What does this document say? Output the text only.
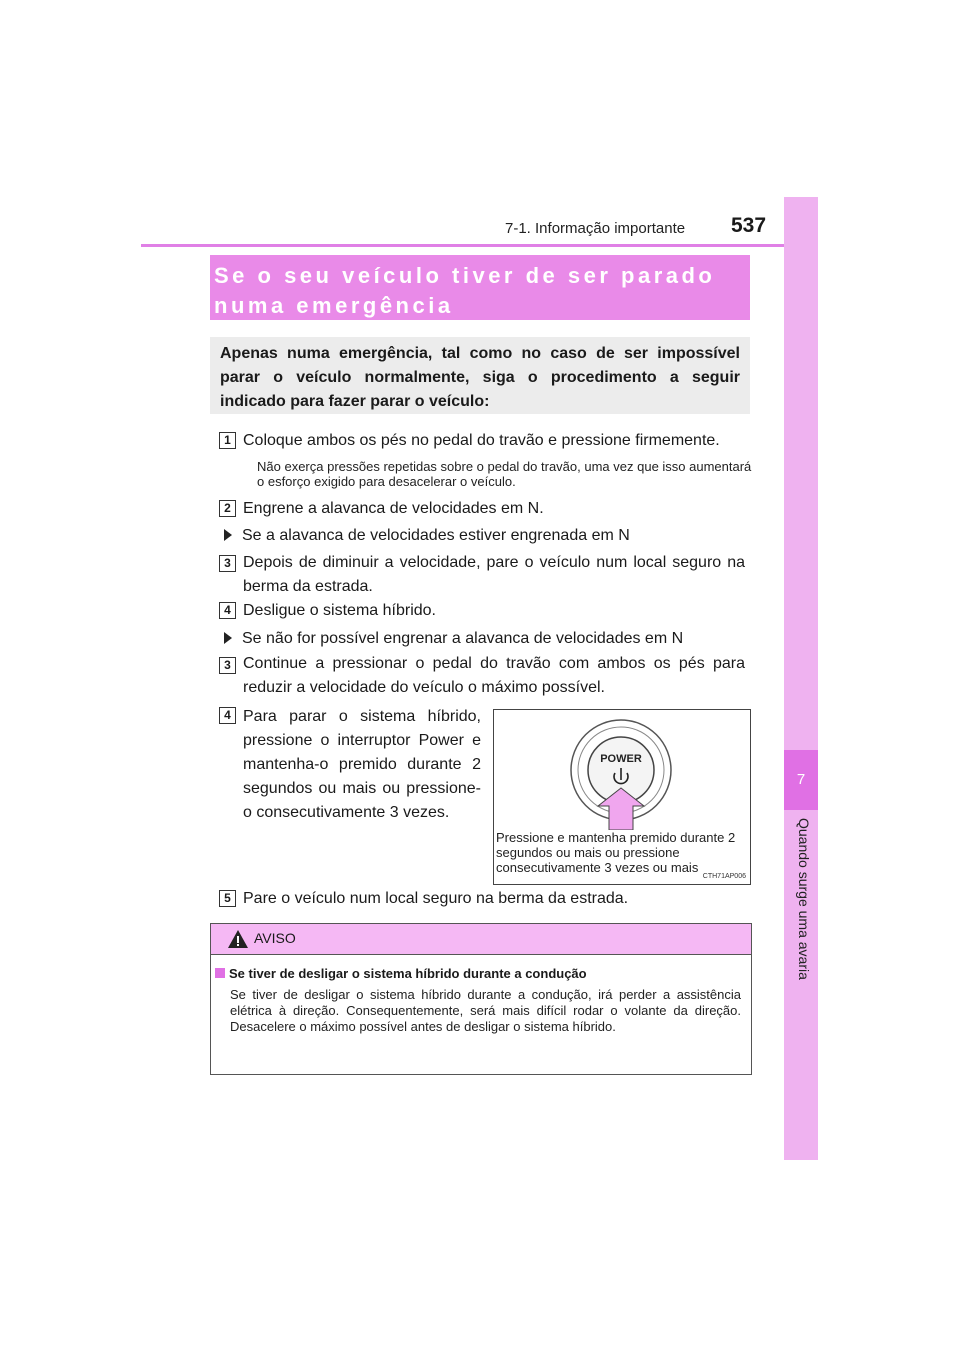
7-1. Informação importante 537
7
Quando surge uma avaria
Se o seu veículo tiver de ser parado numa emergência

Apenas numa emergência, tal como no caso de ser impossível parar o veículo normalmente, siga o procedimento a seguir indicado para fazer parar o veículo:

1 Coloque ambos os pés no pedal do travão e pressione firmemente.
Não exerça pressões repetidas sobre o pedal do travão, uma vez que isso aumentará o esforço exigido para desacelerar o veículo.
2 Engrene a alavanca de velocidades em N.
Se a alavanca de velocidades estiver engrenada em N
3 Depois de diminuir a velocidade, pare o veículo num local seguro na berma da estrada.
4 Desligue o sistema híbrido.
Se não for possível engrenar a alavanca de velocidades em N
3 Continue a pressionar o pedal do travão com ambos os pés para reduzir a velocidade do veículo o máximo possível.
4 Para parar o sistema híbrido, pressione o interruptor Power e mantenha-o premido durante 2 segundos ou mais ou pressione-o consecutivamente 3 vezes.
POWER
Pressione e mantenha premido durante 2 segundos ou mais ou pressione consecutivamente 3 vezes ou mais
CTH71AP006
5 Pare o veículo num local seguro na berma da estrada.
AVISO
Se tiver de desligar o sistema híbrido durante a condução

Se tiver de desligar o sistema híbrido durante a condução, irá perder a assistência elétrica à direção. Consequentemente, será mais difícil rodar o volante da direção. Desacelere o máximo possível antes de desligar o sistema híbrido.
